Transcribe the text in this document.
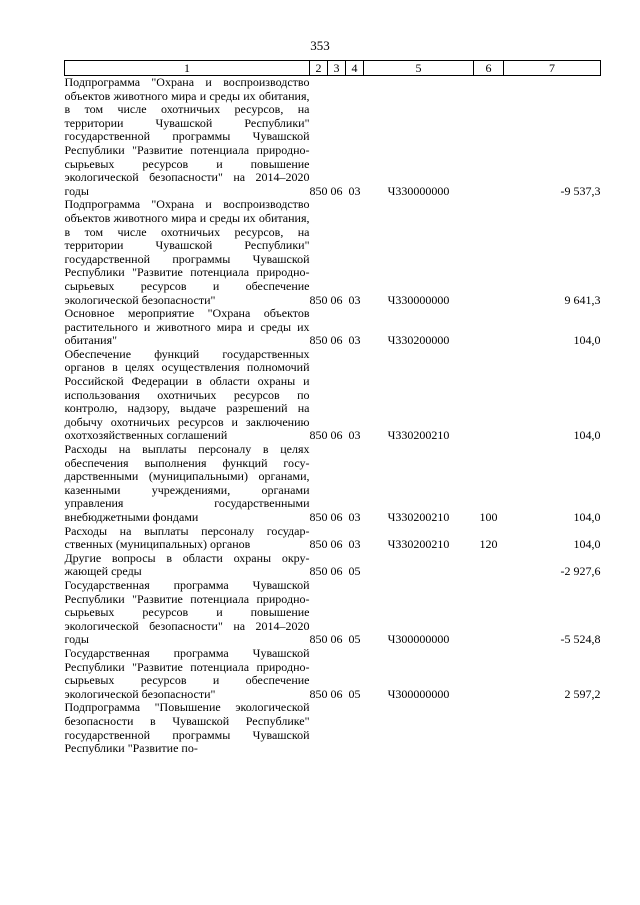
353
1	2	3	4	5	6	7
Подпрограмма "Охрана и воспроизводство объектов животного мира и среды их обитания, в том числе охотничьих ресурсов, на территории Чувашской Республики" государственной программы Чувашской Республики "Развитие потенциала природно-сырьевых ресурсов и повышение экологической безопасности" на 2014–2020 годы	850	06	03	Ч330000000		-9 537,3
Подпрограмма "Охрана и воспроизводство объектов животного мира и среды их обитания, в том числе охотничьих ресурсов, на территории Чувашской Республики" государственной программы Чувашской Республики "Развитие потенциала природно-сырьевых ресурсов и обеспечение экологической безопасности"	850	06	03	Ч330000000		9 641,3
Основное мероприятие "Охрана объектов растительного и животного мира и среды их обитания"	850	06	03	Ч330200000		104,0
Обеспечение функций государственных органов в целях осуществления полномочий Российской Федерации в области охраны и использования охотничьих ресурсов по контролю, надзору, выдаче разрешений на добычу охотничьих ресурсов и заключению охотхозяйственных соглашений	850	06	03	Ч330200210		104,0
Расходы на выплаты персоналу в целях обеспечения выполнения функций государственными (муниципальными) органами, казенными учреждениями, органами управления государственными внебюджетными фондами	850	06	03	Ч330200210	100	104,0
Расходы на выплаты персоналу государственных (муниципальных) органов	850	06	03	Ч330200210	120	104,0
Другие вопросы в области охраны окружающей среды	850	06	05			-2 927,6
Государственная программа Чувашской Республики "Развитие потенциала природно-сырьевых ресурсов и повышение экологической безопасности" на 2014–2020 годы	850	06	05	Ч300000000		-5 524,8
Государственная программа Чувашской Республики "Развитие потенциала природно-сырьевых ресурсов и обеспечение экологической безопасности"	850	06	05	Ч300000000		2 597,2
Подпрограмма "Повышение экологической безопасности в Чувашской Республике" государственной программы Чувашской Республики "Развитие по-						
